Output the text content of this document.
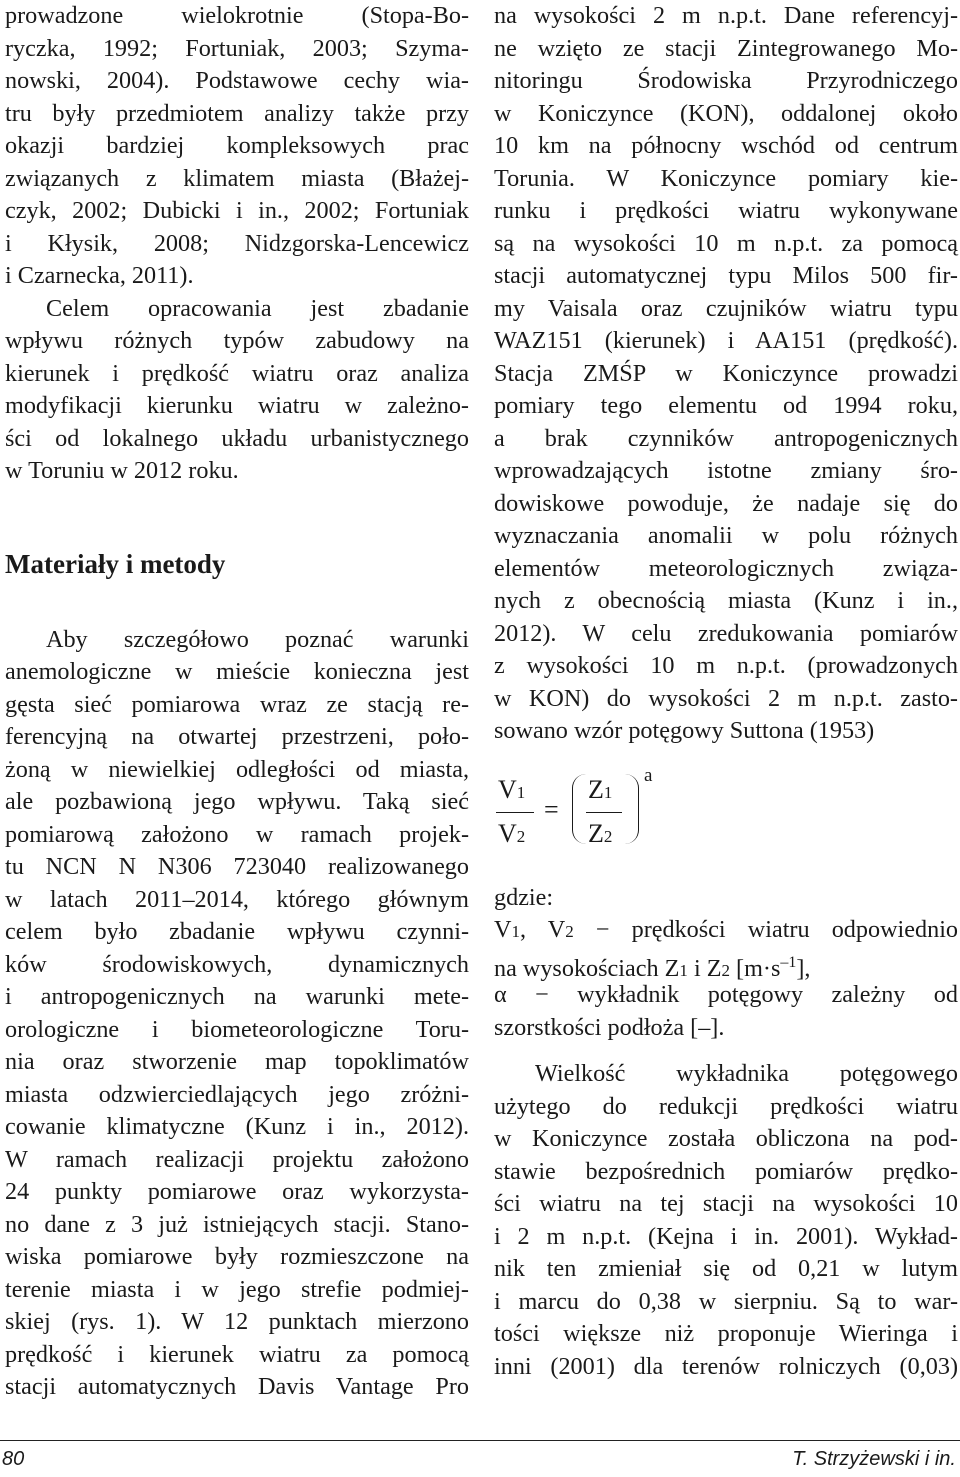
prowadzone wielokrotnie (Stopa-Bo-
ryczka, 1992; Fortuniak, 2003; Szyma-
nowski, 2004). Podstawowe cechy wia-
tru były przedmiotem analizy także przy
okazji bardziej kompleksowych prac
związanych z klimatem miasta (Błażej-
czyk, 2002; Dubicki i in., 2002; Fortuniak
i Kłysik, 2008; Nidzgorska-Lencewicz
i Czarnecka, 2011).
Celem opracowania jest zbadanie
wpływu różnych typów zabudowy na
kierunek i prędkość wiatru oraz analiza
modyfikacji kierunku wiatru w zależno-
ści od lokalnego układu urbanistycznego
w Toruniu w 2012 roku.
Materiały i metody
Aby szczegółowo poznać warunki
anemologiczne w mieście konieczna jest
gęsta sieć pomiarowa wraz ze stacją re-
ferencyjną na otwartej przestrzeni, poło-
żoną w niewielkiej odległości od miasta,
ale pozbawioną jego wpływu. Taką sieć
pomiarową założono w ramach projek-
tu NCN N N306 723040 realizowanego
w latach 2011–2014, którego głównym
celem było zbadanie wpływu czynni-
ków środowiskowych, dynamicznych
i antropogenicznych na warunki mete-
orologiczne i biometeorologiczne Toru-
nia oraz stworzenie map topoklimatów
miasta odzwierciedlających jego zróżni-
cowanie klimatyczne (Kunz i in., 2012).
W ramach realizacji projektu założono
24 punkty pomiarowe oraz wykorzysta-
no dane z 3 już istniejących stacji. Stano-
wiska pomiarowe były rozmieszczone na
terenie miasta i w jego strefie podmiej-
skiej (rys. 1). W 12 punktach mierzono
prędkość i kierunek wiatru za pomocą
stacji automatycznych Davis Vantage Pro
na wysokości 2 m n.p.t. Dane referencyj-
ne wzięto ze stacji Zintegrowanego Mo-
nitoringu Środowiska Przyrodniczego
w Koniczynce (KON), oddalonej około
10 km na północny wschód od centrum
Torunia. W Koniczynce pomiary kie-
runku i prędkości wiatru wykonywane
są na wysokości 10 m n.p.t. za pomocą
stacji automatycznej typu Milos 500 fir-
my Vaisala oraz czujników wiatru typu
WAZ151 (kierunek) i AA151 (prędkość).
Stacja ZMŚP w Koniczynce prowadzi
pomiary tego elementu od 1994 roku,
a brak czynników antropogenicznych
wprowadzających istotne zmiany śro-
dowiskowe powoduje, że nadaje się do
wyznaczania anomalii w polu różnych
elementów meteorologicznych związa-
nych z obecnością miasta (Kunz i in.,
2012). W celu zredukowania pomiarów
z wysokości 10 m n.p.t. (prowadzonych
w KON) do wysokości 2 m n.p.t. zasto-
sowano wzór potęgowy Suttona (1953)
V1
V2
=
Z1
Z2
a
gdzie:
V1, V2 − prędkości wiatru odpowiednio
na wysokościach Z1 i Z2 $[m\cdot s^{-1}]$,
α − wykładnik potęgowy zależny od
szorstkości podłoża [–].
Wielkość wykładnika potęgowego
użytego do redukcji prędkości wiatru
w Koniczynce została obliczona na pod-
stawie bezpośrednich pomiarów prędko-
ści wiatru na tej stacji na wysokości 10
i 2 m n.p.t. (Kejna i in. 2001). Wykład-
nik ten zmieniał się od 0,21 w lutym
i marcu do 0,38 w sierpniu. Są to war-
tości większe niż proponuje Wieringa i
inni (2001) dla terenów rolniczych (0,03)
80	T. Strzyżewski i in.
